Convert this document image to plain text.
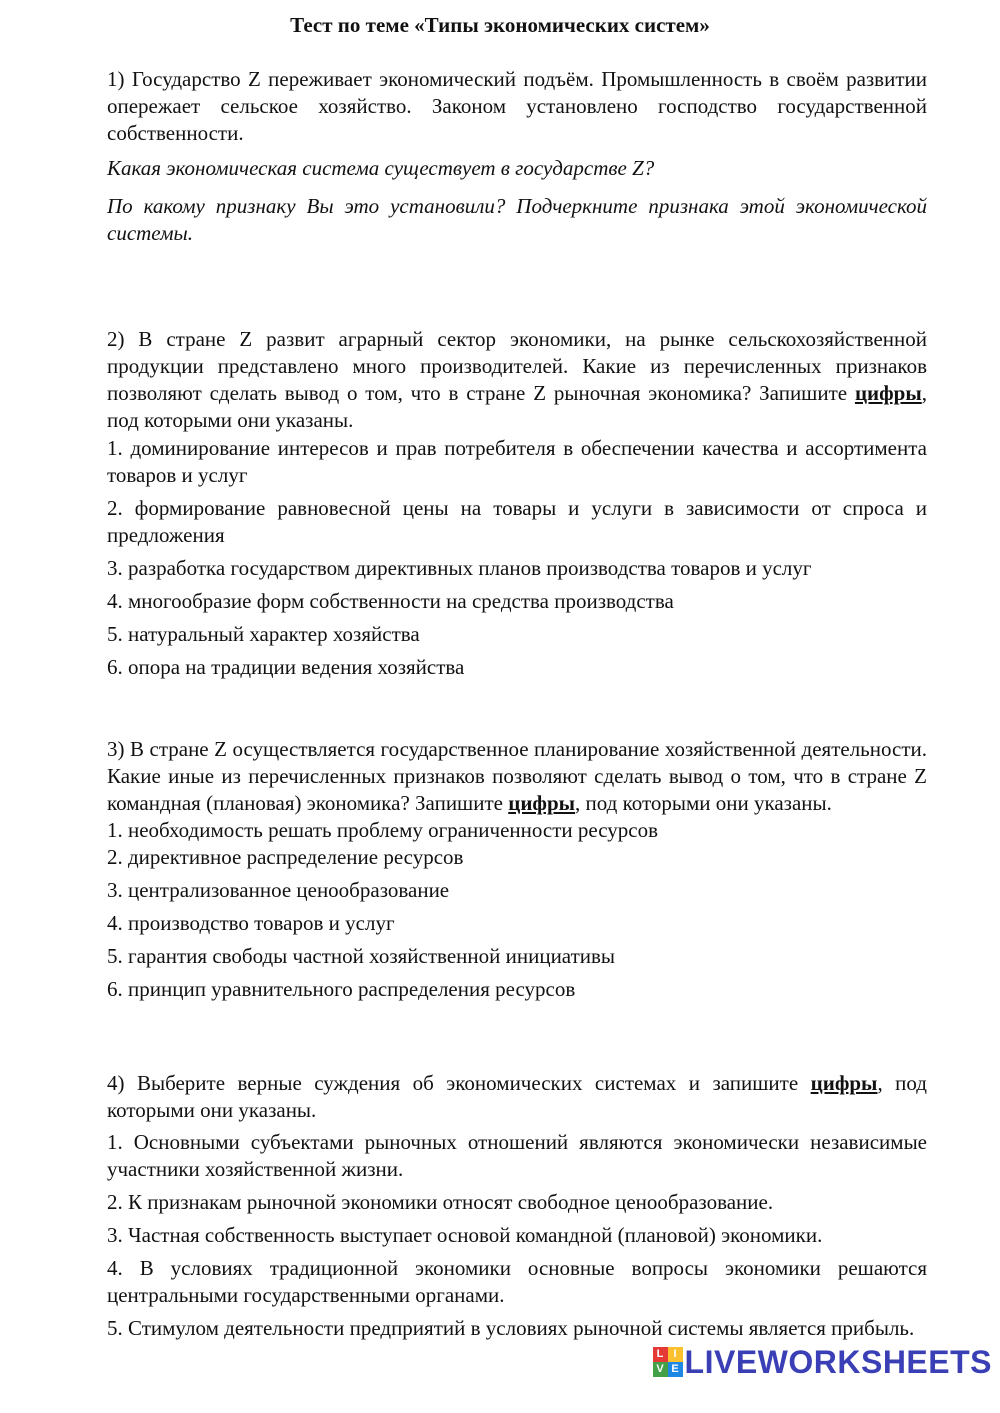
Тест по теме «Типы экономических систем»

1) Государство Z переживает экономический подъём. Промышленность в своём развитии опережает сельское хозяйство. Законом установлено господство государственной собственности.

Какая экономическая система существует в государстве Z?

По какому признаку Вы это установили? Подчеркните признака этой экономической системы.

2) В стране Z развит аграрный сектор экономики, на рынке сельскохозяйственной продукции представлено много производителей. Какие из перечисленных признаков позволяют сделать вывод о том, что в стране Z рыночная экономика? Запишите цифры, под которыми они указаны.

1. доминирование интересов и прав потребителя в обеспечении качества и ассортимента товаров и услуг

2. формирование равновесной цены на товары и услуги в зависимости от спроса и предложения

3. разработка государством директивных планов производства товаров и услуг

4. многообразие форм собственности на средства производства

5. натуральный характер хозяйства

6. опора на традиции ведения хозяйства

3) В стране Z осуществляется государственное планирование хозяйственной деятельности. Какие иные из перечисленных признаков позволяют сделать вывод о том, что в стране Z командная (плановая) экономика? Запишите цифры, под которыми они указаны.

1. необходимость решать проблему ограниченности ресурсов

2. директивное распределение ресурсов

3. централизованное ценообразование

4. производство товаров и услуг

5. гарантия свободы частной хозяйственной инициативы

6. принцип уравнительного распределения ресурсов

4) Выберите верные суждения об экономических системах и запишите цифры, под которыми они указаны.

1. Основными субъектами рыночных отношений являются экономически независимые участники хозяйственной жизни.

2. К признакам рыночной экономики относят свободное ценообразование.

3. Частная собственность выступает основой командной (плановой) экономики.

4. В условиях традиционной экономики основные вопросы экономики решаются центральными государственными органами.

5. Стимулом деятельности предприятий в условиях рыночной системы является прибыль.

L I
V E LIVEWORKSHEETS
